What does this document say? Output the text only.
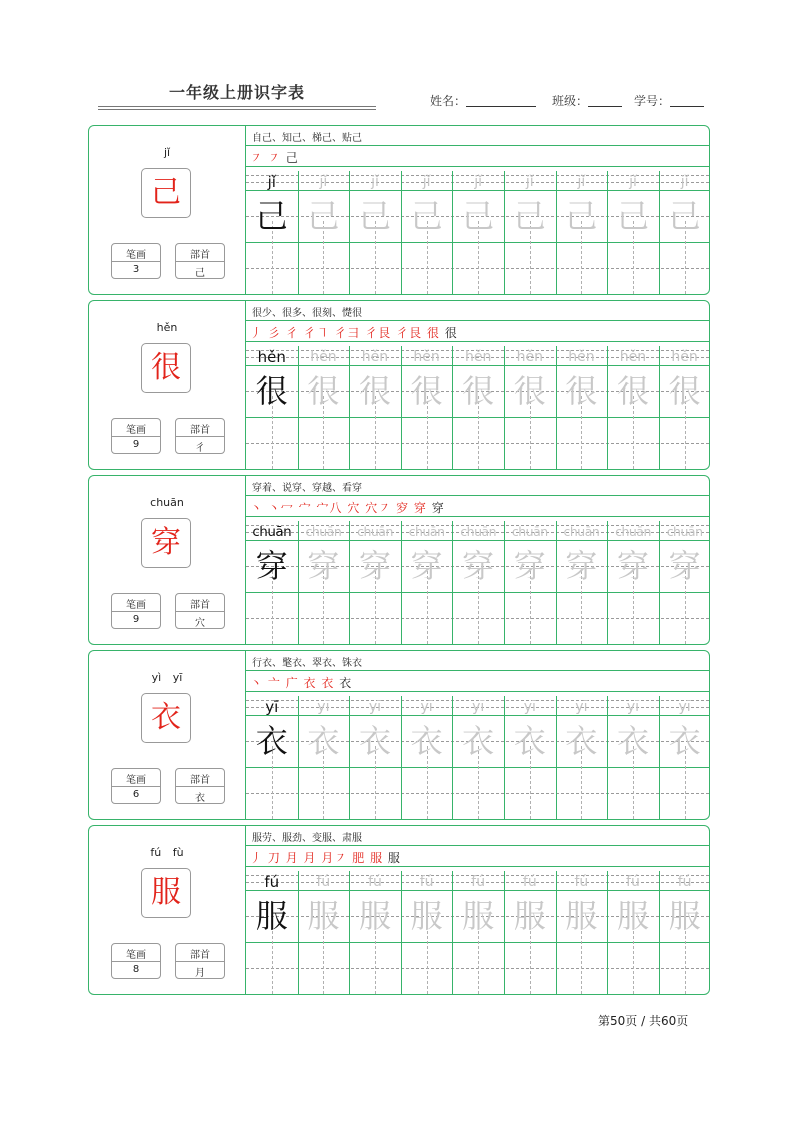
一年级上册识字表	姓名：	班级：	学号：
jǐ
己
笔画
3
部首
己
自己、知己、梯己、贴己
㇇ ㇇ 己
jǐ
己
jǐ
己
jǐ
己
jǐ
己
jǐ
己
jǐ
己
jǐ
己
jǐ
己
jǐ
己
hěn
很
笔画
9
部首
彳
很少、很多、很刻、憷很
丿 彡 彳 彳㇕ 彳彐 彳艮 彳艮 很 很
hěn
很
hěn
很
hěn
很
hěn
很
hěn
很
hěn
很
hěn
很
hěn
很
hěn
很
chuān
穿
笔画
9
部首
穴
穿着、说穿、穿越、看穿
丶 丶冖 宀 宀八 穴 穴㇇ 穸 穿 穿
chuān
穿
chuān
穿
chuān
穿
chuān
穿
chuān
穿
chuān
穿
chuān
穿
chuān
穿
chuān
穿
yì yī
衣
笔画
6
部首
衣
行衣、氅衣、翠衣、铢衣
丶 亠 广 衣 衣 衣
yī
衣
yī
衣
yī
衣
yī
衣
yī
衣
yī
衣
yī
衣
yī
衣
yī
衣
fú fù
服
笔画
8
部首
月
服劳、服劲、变服、肃服
丿 刀 月 月 月㇇ 肥 服 服
fú
服
fú
服
fú
服
fú
服
fú
服
fú
服
fú
服
fú
服
fú
服
第50页 / 共60页
